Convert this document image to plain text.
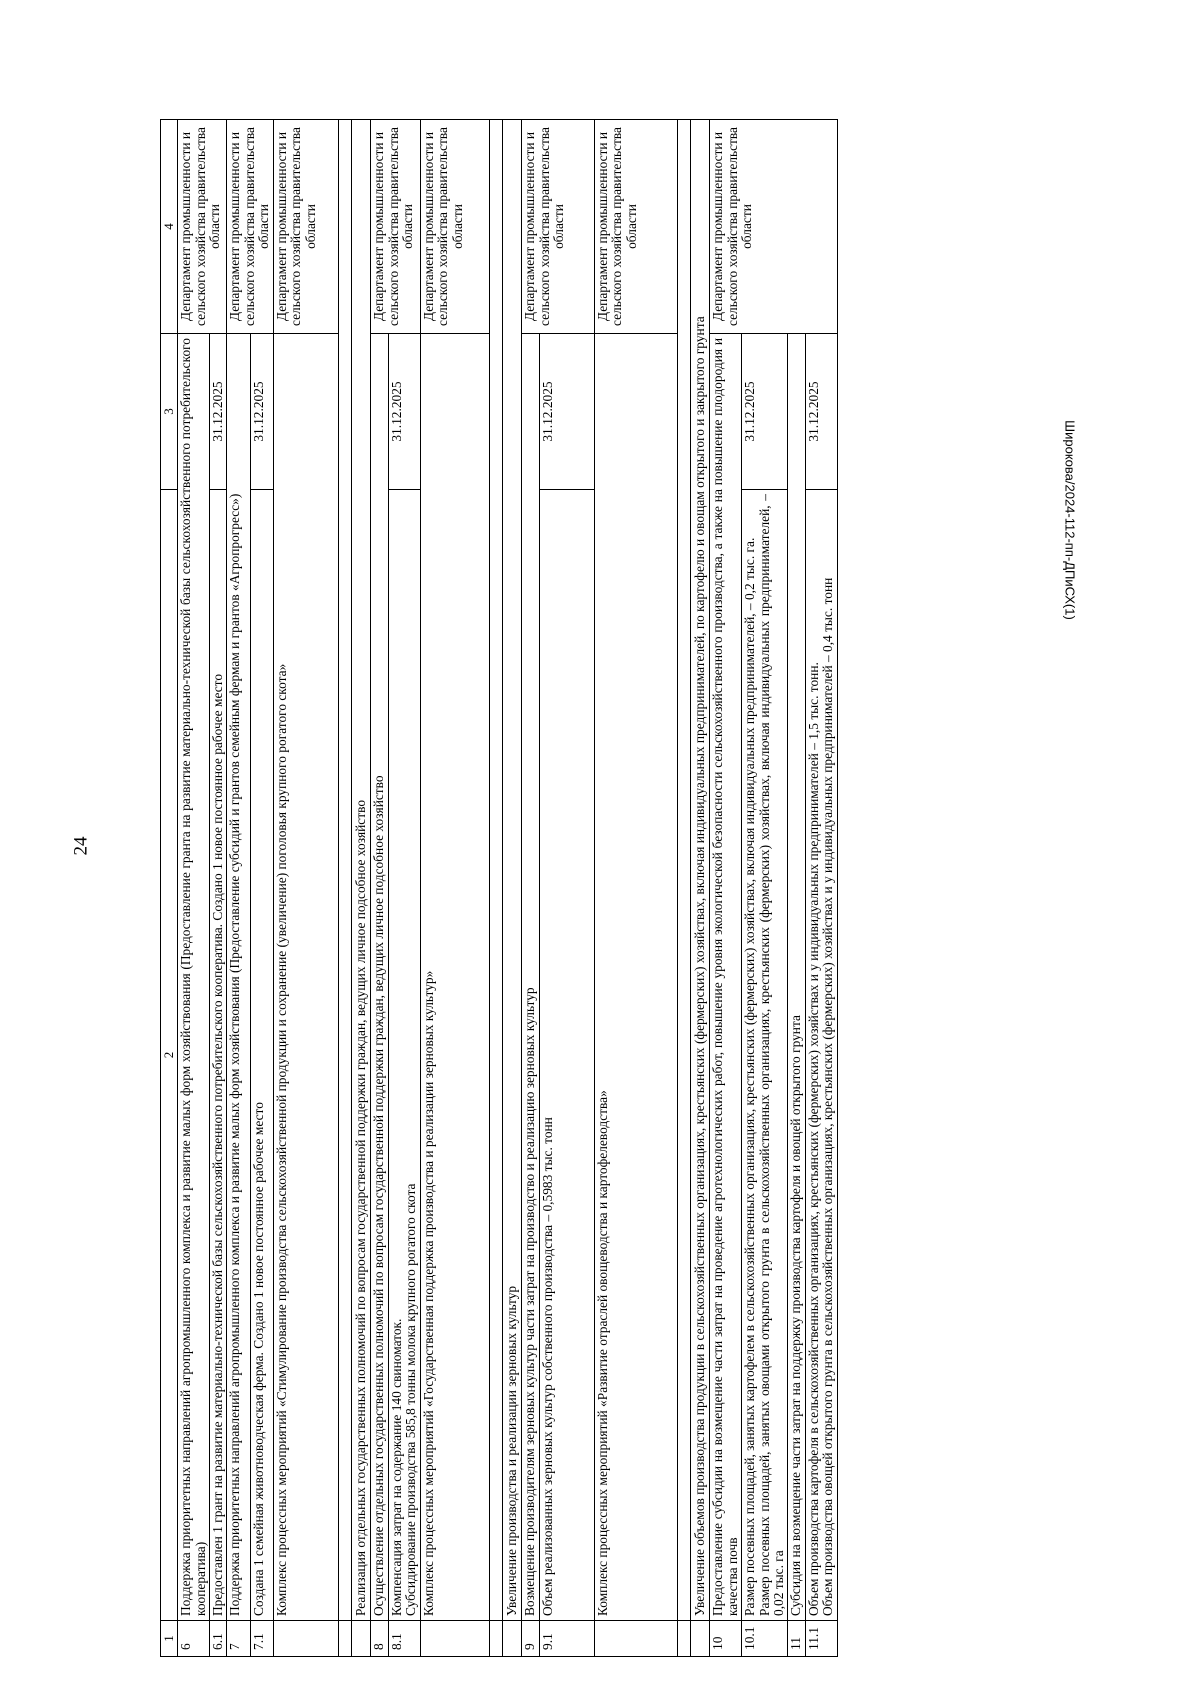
24
Широкова/2024-112-пп-ДПиСХ(1)
1	2	3	4
6	Поддержка приоритетных направлений агропромышленного комплекса и развитие малых форм хозяйствования (Предоставление гранта на развитие материально-технической базы сельскохозяйственного потребительского кооператива)		Департамент промышленности и сельского хозяйства правительства области
6.1	Предоставлен 1 грант на развитие материально-технической базы сельскохозяйственного потребительского кооператива. Создано 1 новое постоянное рабочее место	31.12.2025	
7	Поддержка приоритетных направлений агропромышленного комплекса и развитие малых форм хозяйствования (Предоставление субсидий и грантов семейным фермам и грантов «Агропрогресс»)		Департамент промышленности и сельского хозяйства правительства области
7.1	Создана 1 семейная животноводческая ферма. Создано 1 новое постоянное рабочее место	31.12.2025	

	Комплекс процессных мероприятий «Стимулирование производства сельскохозяйственной продукции и сохранение (увеличение) поголовья крупного рогатого скота»		Департамент промышленности и сельского хозяйства правительства области

	Реализация отдельных государственных полномочий по вопросам государственной поддержки граждан, ведущих личное подсобное хозяйство		
8	Осуществление отдельных государственных полномочий по вопросам государственной поддержки граждан, ведущих личное подсобное хозяйство		Департамент промышленности и сельского хозяйства правительства области
8.1	Компенсация затрат на содержание 140 свиноматок. Субсидирование производства 585,8 тонны молока крупного рогатого скота	31.12.2025	
	Комплекс процессных мероприятий «Государственная поддержка производства и реализации зерновых культур»		Департамент промышленности и сельского хозяйства правительства области

	Увеличение производства и реализации зерновых культур		
9	Возмещение производителям зерновых культур части затрат на производство и реализацию зерновых культур		Департамент промышленности и сельского хозяйства правительства области
9.1	Объем реализованных зерновых культур собственного производства – 0,5983 тыс. тонн	31.12.2025	
	Комплекс процессных мероприятий «Развитие отраслей овощеводства и картофелеводства»		Департамент промышленности и сельского хозяйства правительства области

	Увеличение объемов производства продукции в сельскохозяйственных организациях, крестьянских (фермерских) хозяйствах, включая индивидуальных предпринимателей, по картофелю и овощам открытого и закрытого грунта		

10	Предоставление субсидии на возмещение части затрат на проведение агротехнологических работ, повышение уровня экологической безопасности сельскохозяйственного производства, а также на повышение плодородия и качества почв		Департамент промышленности и сельского хозяйства правительства области
10.1	Размер посевных площадей, занятых картофелем в сельскохозяйственных организациях, крестьянских (фермерских) хозяйствах, включая индивидуальных предпринимателей, – 0,2 тыс. га. Размер посевных площадей, занятых овощами открытого грунта в сельскохозяйственных организациях, крестьянских (фермерских) хозяйствах, включая индивидуальных предпринимателей, – 0,02 тыс. га	31.12.2025	
11	Субсидия на возмещение части затрат на поддержку производства картофеля и овощей открытого грунта		
11.1	Объем производства картофеля в сельскохозяйственных организациях, крестьянских (фермерских) хозяйствах и у индивидуальных предпринимателей – 1,5 тыс. тонн. Объем производства овощей открытого грунта в сельскохозяйственных организациях, крестьянских (фермерских) хозяйствах и у индивидуальных предпринимателей – 0,4 тыс. тонн	31.12.2025	
